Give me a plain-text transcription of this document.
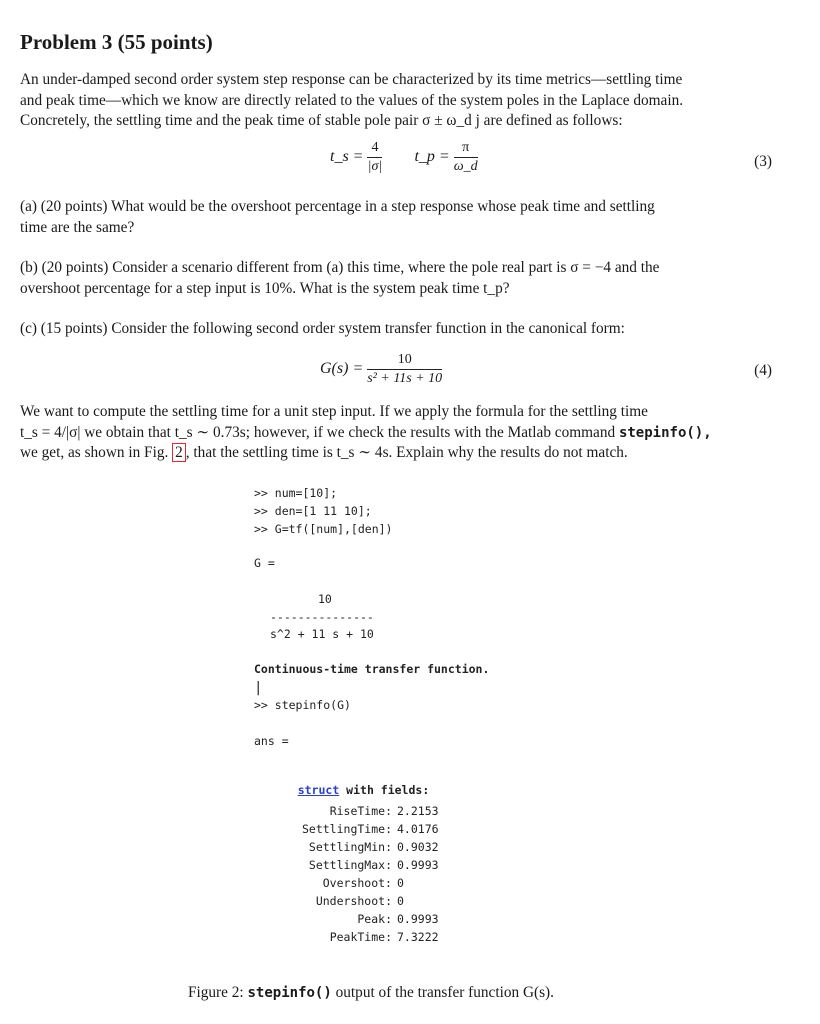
Problem 3 (55 points)

An under-damped second order system step response can be characterized by its time metrics—settling time

and peak time—which we know are directly related to the values of the system poles in the Laplace domain.

Concretely, the settling time and the peak time of stable pole pair σ ± ω_d j are defined as follows:

t_s = $\frac{4}{|\sigma|}$ t_p = $\frac{\pi}{\omega\_d}$	(3)

(a) (20 points) What would be the overshoot percentage in a step response whose peak time and settling

time are the same?

(b) (20 points) Consider a scenario different from (a) this time, where the pole real part is σ = −4 and the

overshoot percentage for a step input is 10%. What is the system peak time t_p?

(c) (15 points) Consider the following second order system transfer function in the canonical form:

$G(s) = \frac{10}{\text{s² + 11s + 10}}$	(4)

We want to compute the settling time for a unit step input. If we apply the formula for the settling time

t_s = 4/|σ| we obtain that t_s ∼ 0.73s; however, if we check the results with the Matlab command stepinfo(),

we get, as shown in Fig. 2 , that the settling time is t_s ∼ 4s. Explain why the results do not match.

>> num=[10];
>> den=[1 11 10];
>> G=tf([num],[den])
G =
10
---------------
s^2 + 11 s + 10
Continuous-time transfer function.
|
>> stepinfo(G)
ans =

struct with fields:

RiseTime: 2.2153
SettlingTime: 4.0176
SettlingMin: 0.9032
SettlingMax: 0.9993
Overshoot: 0
Undershoot: 0
Peak: 0.9993
PeakTime: 7.3222
Figure 2: stepinfo() output of the transfer function G(s).
